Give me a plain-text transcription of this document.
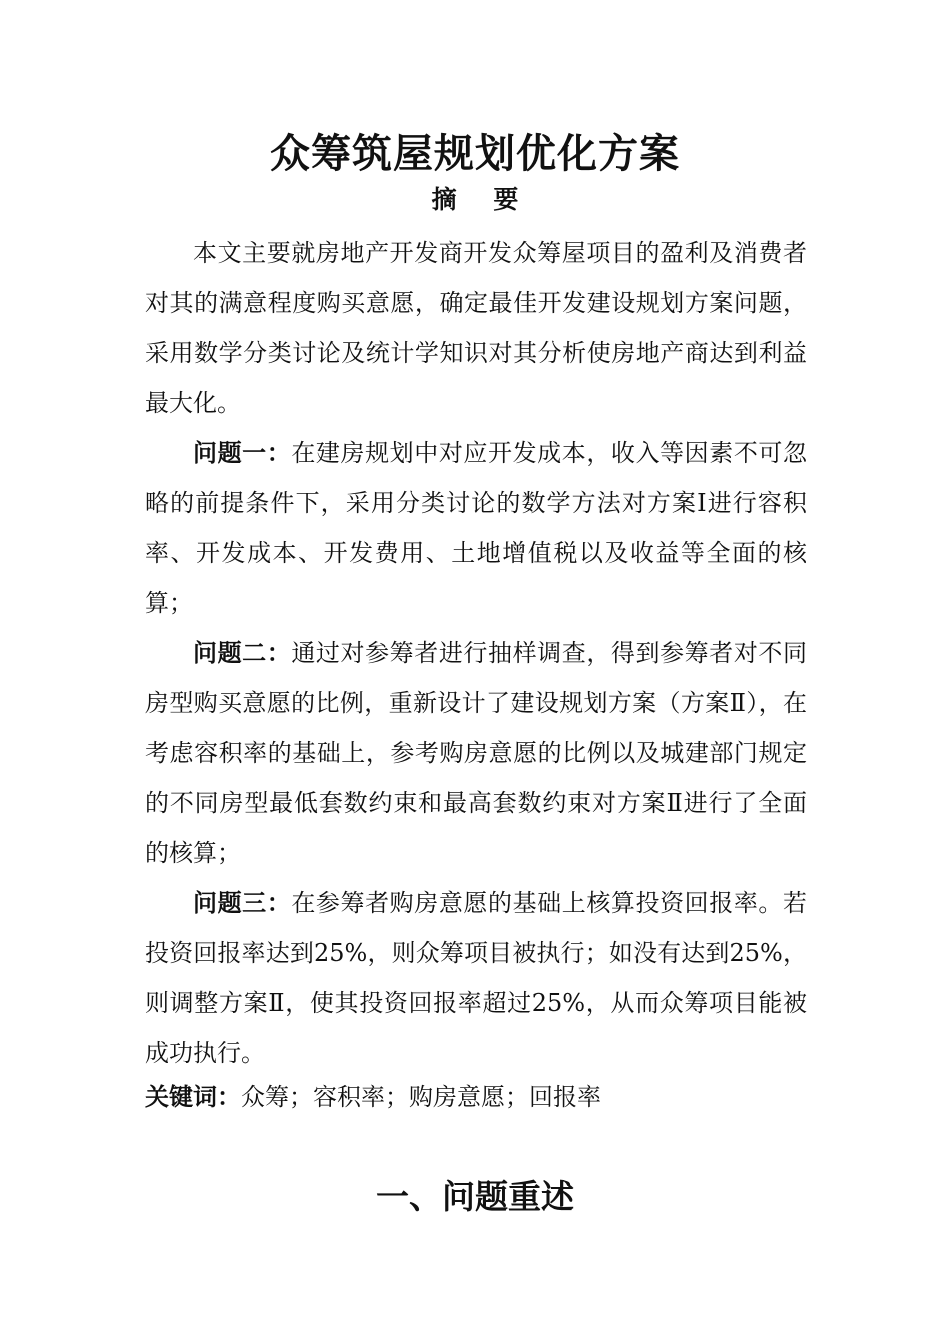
众筹筑屋规划优化方案
摘 要

本文主要就房地产开发商开发众筹屋项目的盈利及消费者对其的满意程度购买意愿，确定最佳开发建设规划方案问题，采用数学分类讨论及统计学知识对其分析使房地产商达到利益最大化。

问题一：在建房规划中对应开发成本，收入等因素不可忽略的前提条件下，采用分类讨论的数学方法对方案Ⅰ进行容积率、开发成本、开发费用、土地增值税以及收益等全面的核算；

问题二：通过对参筹者进行抽样调查，得到参筹者对不同房型购买意愿的比例，重新设计了建设规划方案（方案Ⅱ），在考虑容积率的基础上，参考购房意愿的比例以及城建部门规定的不同房型最低套数约束和最高套数约束对方案Ⅱ进行了全面的核算；

问题三：在参筹者购房意愿的基础上核算投资回报率。若投资回报率达到25%，则众筹项目被执行；如没有达到25%，则调整方案Ⅱ，使其投资回报率超过25%，从而众筹项目能被成功执行。

关键词：众筹；容积率；购房意愿；回报率
一、问题重述
